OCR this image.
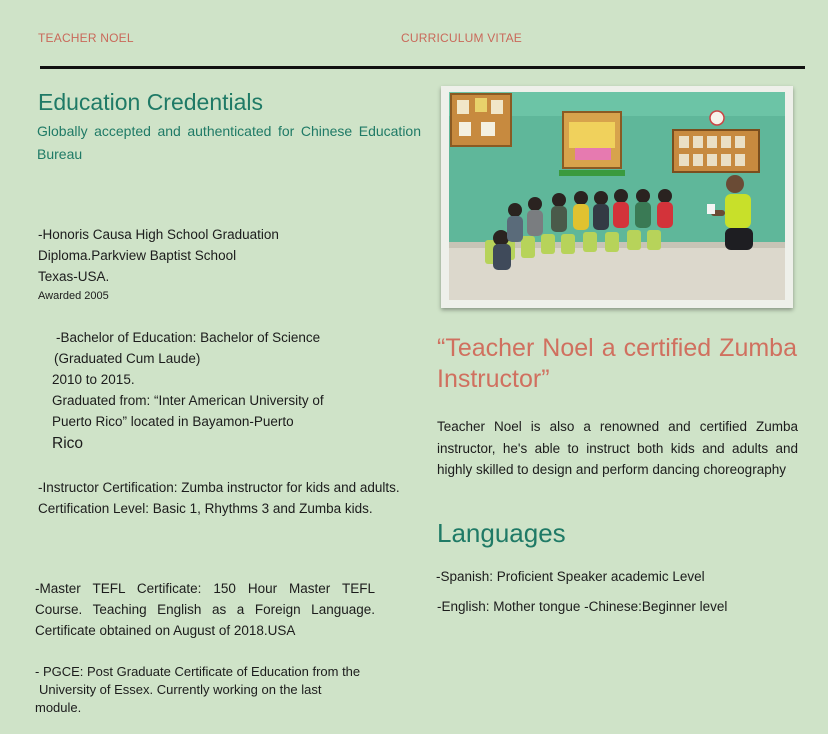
TEACHER NOEL	CURRICULUM VITAE
Education Credentials
Globally accepted and authenticated for Chinese Education Bureau
-Honoris Causa High School Graduation
Diploma.Parkview Baptist School
Texas-USA.
Awarded 2005
-Bachelor of Education: Bachelor of Science
(Graduated Cum Laude)
2010 to 2015.
Graduated from: “Inter American University of
Puerto Rico” located in Bayamon-Puerto
Rico
-Instructor Certification: Zumba instructor for kids and adults.
Certification Level: Basic 1, Rhythms 3 and Zumba kids.
-Master TEFL Certificate: 150 Hour Master TEFL
Course. Teaching English as a Foreign Language.
Certificate obtained on August of 2018.USA
- PGCE: Post Graduate Certificate of Education from the
University of Essex. Currently working on the last
module.
“Teacher Noel a certified Zumba Instructor”
Teacher Noel is also a renowned and certified Zumba instructor, he's able to instruct both kids and adults and highly skilled to design and perform dancing choreography
Languages
-Spanish: Proficient Speaker academic Level
-English: Mother tongue -Chinese:Beginner level
